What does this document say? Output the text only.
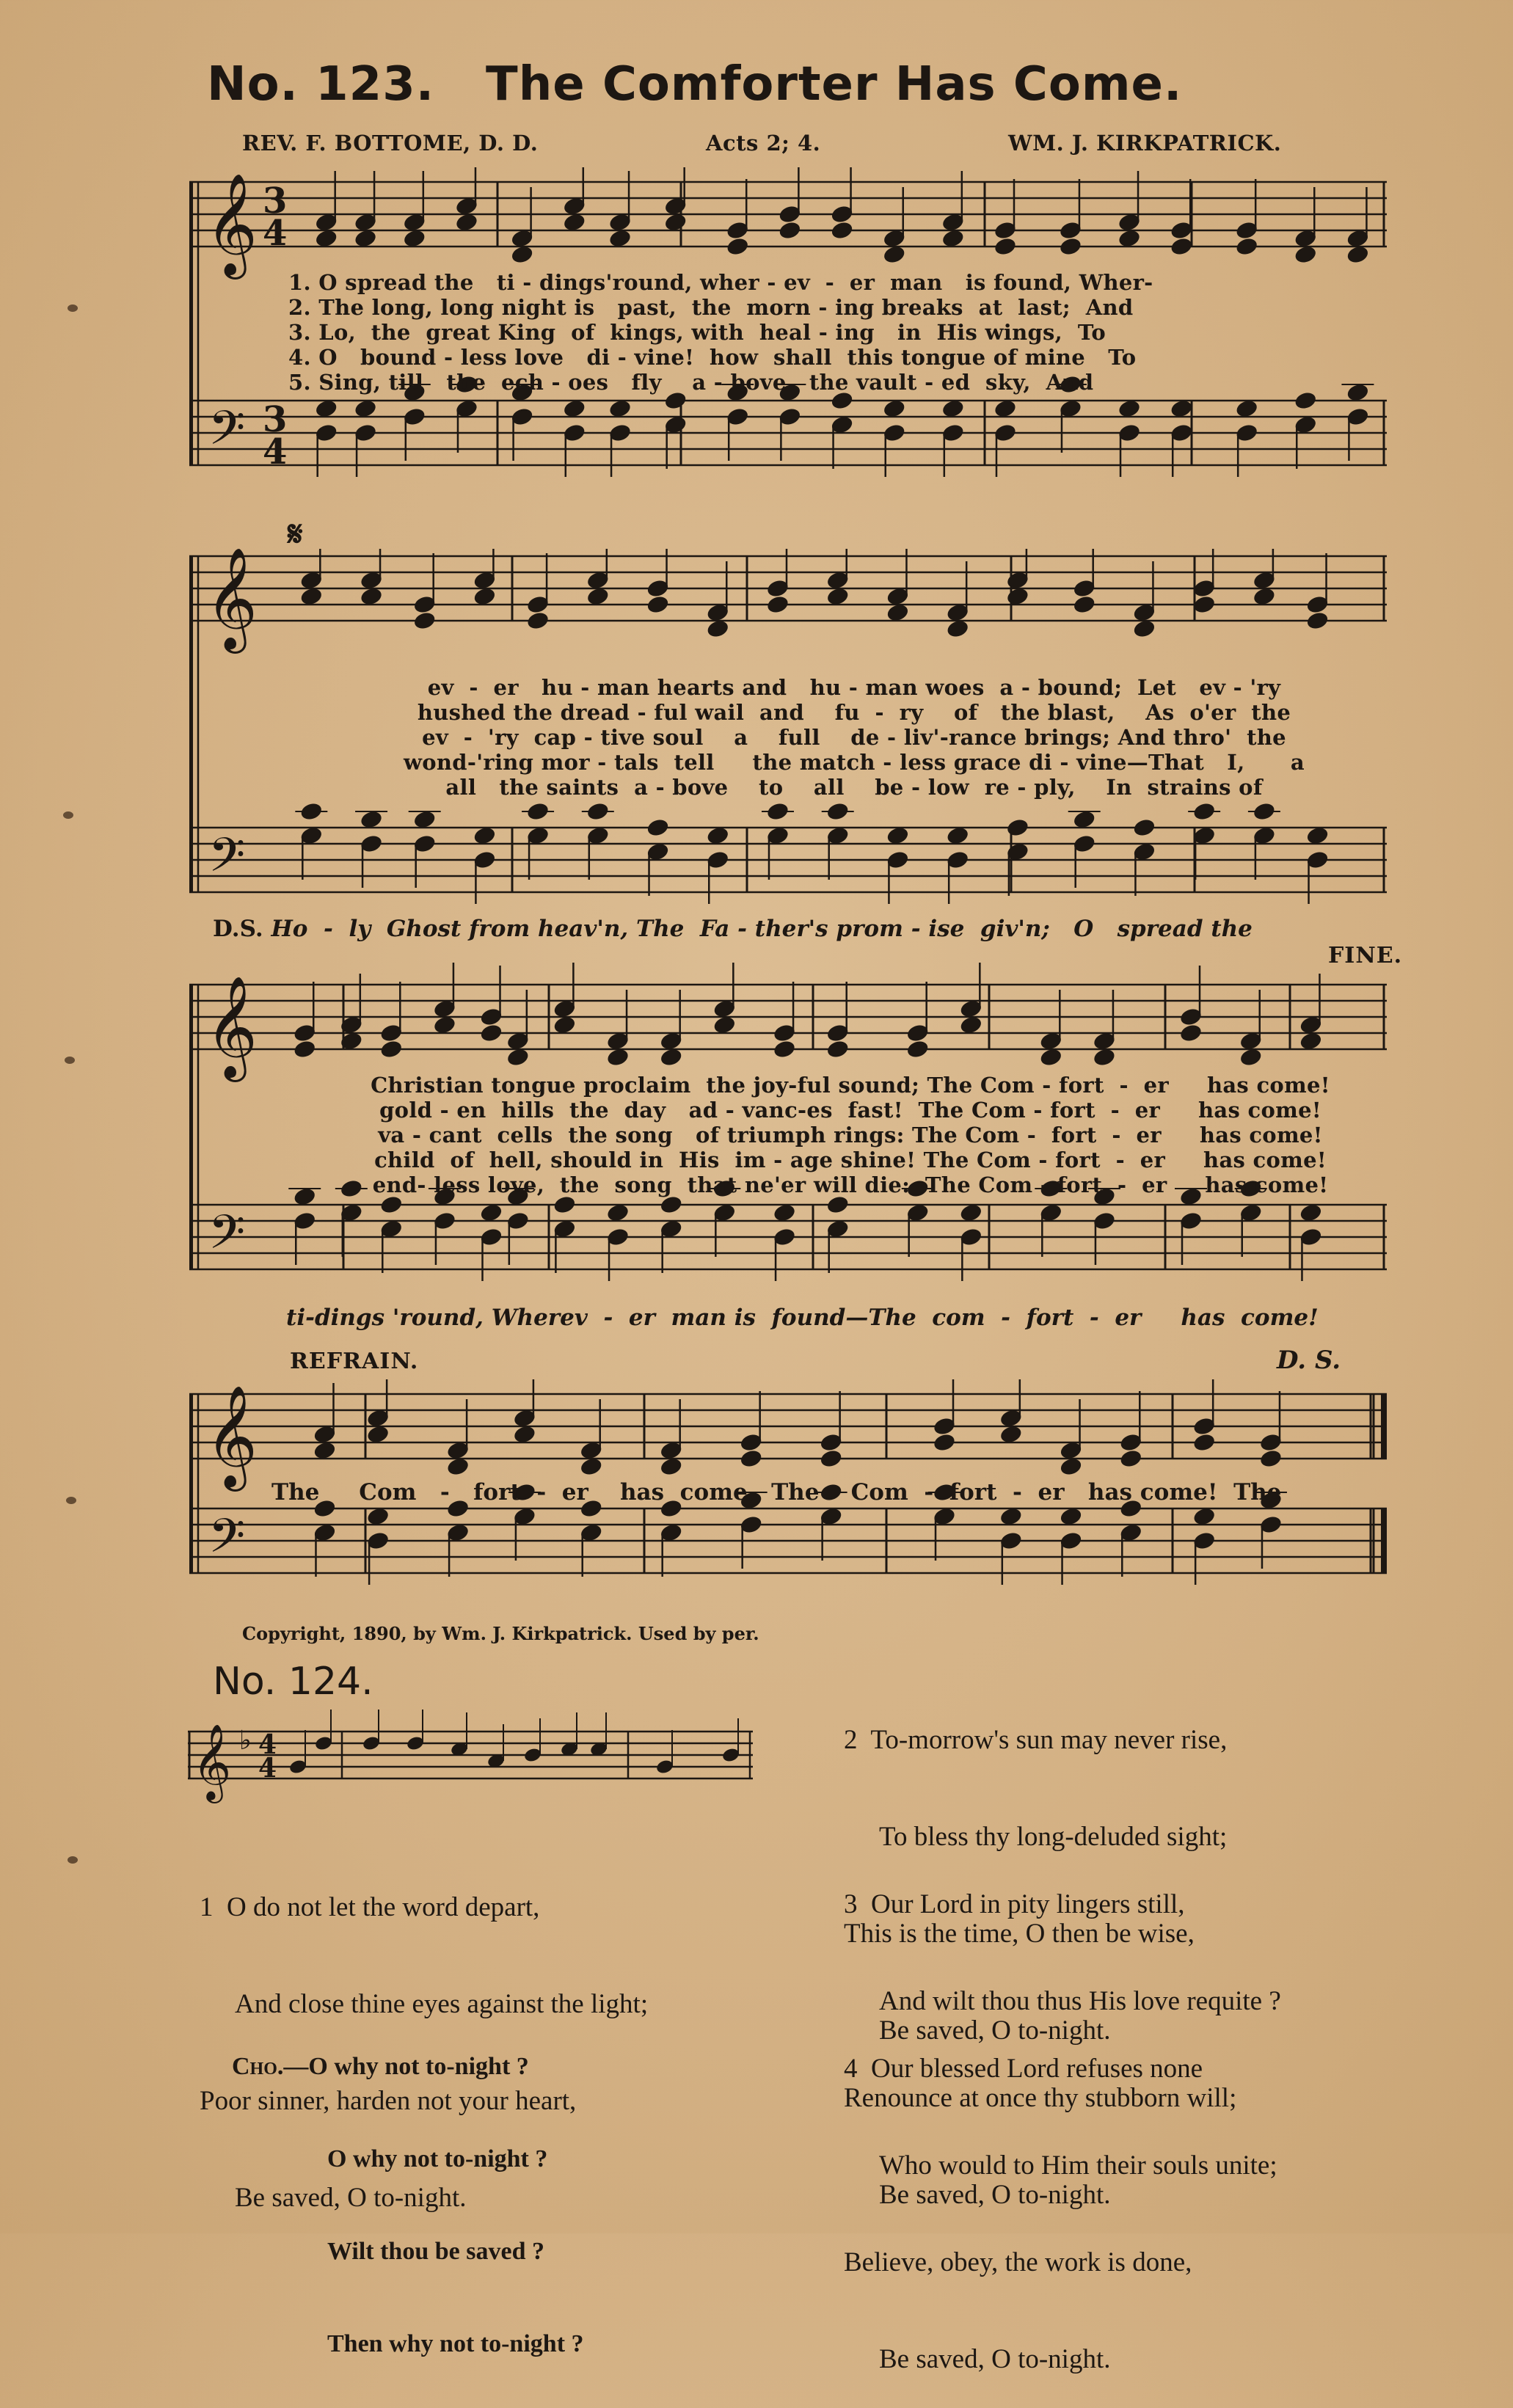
No. 123. The Comforter Has Come.
REV. F. BOTTOME, D. D.	Acts 2; 4.	WM. J. KIRKPATRICK.
𝄞
𝄢
3
3
4
4
1. O spread the   ti - dings'round, wher - ev  -  er  man   is found, Wher-
2. The long, long night is   past,  the  morn - ing breaks  at  last;  And
3. Lo,  the  great King  of  kings, with  heal - ing   in  His wings,  To
4. O   bound - less love   di - vine!  how  shall  this tongue of mine   To
5. Sing, till   the  ech - oes   fly    a - bove   the vault - ed  sky,  And
𝄋
𝄞
𝄢
ev  -  er   hu - man hearts and   hu - man woes  a - bound;  Let   ev - 'ry
hushed the dread - ful wail  and    fu  -  ry    of   the blast,    As  o'er  the
ev  -  'ry  cap - tive soul    a    full    de - liv'-rance brings; And thro'  the
wond-'ring mor - tals  tell     the match - less grace di - vine—That   I,      a
all   the saints  a - bove    to    all    be - low  re - ply,    In  strains of
D.S. Ho  -  ly  Ghost from heav'n, The  Fa - ther's prom - ise  giv'n;   O   spread the
FINE.
𝄞
𝄢
Christian tongue proclaim  the joy-ful sound; The Com - fort  -  er     has come!
gold - en  hills  the  day   ad - vanc-es  fast!  The Com - fort  -  er     has come!
va - cant  cells  the song   of triumph rings: The Com -  fort  -  er     has come!
child  of  hell, should in  His  im - age shine! The Com - fort  -  er     has come!
end- less love,  the  song  that ne'er will die:  The Com - fort  -  er     has come!
ti-dings 'round, Wherev  -  er  man is  found—The  com  -  fort  -  er     has  come!
REFRAIN.	D. S.
𝄞
𝄢
The     Com   -   fort  -  er    has  come,  The    Com  -  fort  -  er   has come!  The
Copyright, 1890, by Wm. J. Kirkpatrick. Used by per.
No. 124.
𝄞 ♭ 4
4

1  O do not let the word depart,

And close thine eyes against the light;

Poor sinner, harden not your heart,

Be saved, O to-night.

Cho.—O why not to-night ?

O why not to-night ?

Wilt thou be saved ?

Then why not to-night ?

2  To-morrow's sun may never rise,

To bless thy long-deluded sight;

This is the time, O then be wise,

Be saved, O to-night.

3  Our Lord in pity lingers still,

And wilt thou thus His love requite ?

Renounce at once thy stubborn will;

Be saved, O to-night.

4  Our blessed Lord refuses none

Who would to Him their souls unite;

Believe, obey, the work is done,

Be saved, O to-night.
